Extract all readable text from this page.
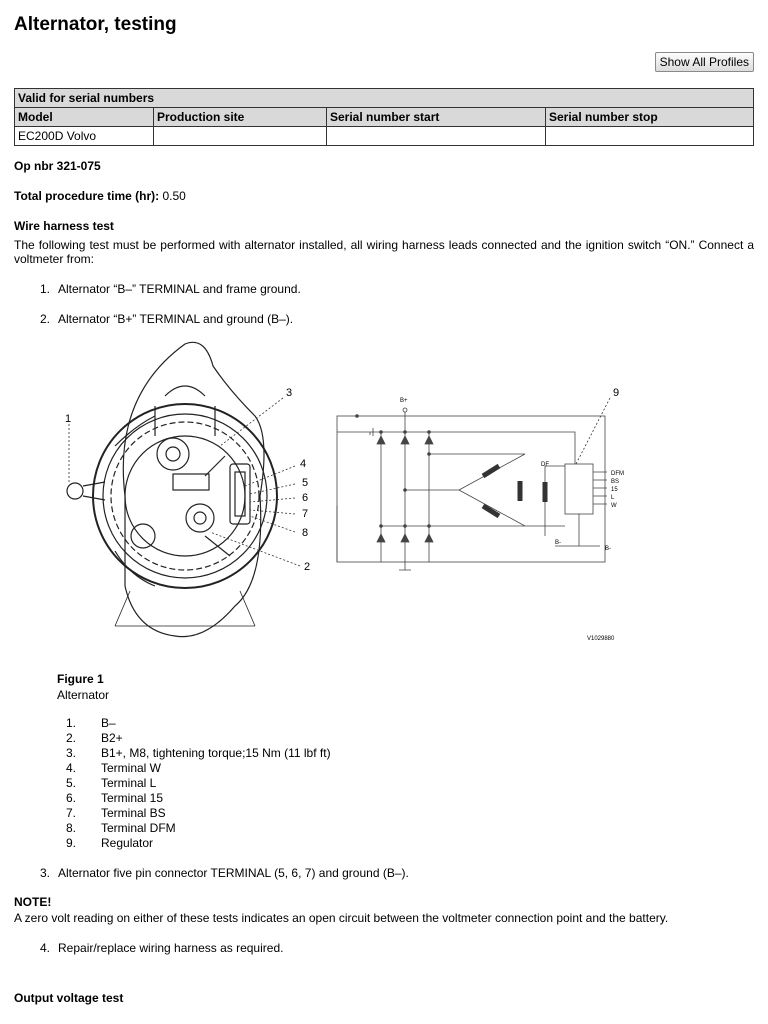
Alternator, testing
Show All Profiles
Valid for serial numbers			
Model	Production site	Serial number start	Serial number stop
EC200D Volvo			

Op nbr 321-075

Total procedure time (hr): 0.50

Wire harness test

The following test must be performed with alternator installed, all wiring harness leads connected and the ignition switch “ON.” Connect a voltmeter from:

1. Alternator “B–” TERMINAL and frame ground.
2. Alternator “B+” TERMINAL and ground (B–).
1
3
4
5
6
7
8
2
9
B+
DF
DFM
BS
15
L
W
B-
B-
V1029880

Figure 1

Alternator

1. B–
2. B2+
3. B1+, M8, tightening torque;15 Nm (11 lbf ft)
4. Terminal W
5. Terminal L
6. Terminal 15
7. Terminal BS
8. Terminal DFM
9. Regulator
3. Alternator five pin connector TERMINAL (5, 6, 7) and ground (B–).

NOTE!

A zero volt reading on either of these tests indicates an open circuit between the voltmeter connection point and the battery.

4. Repair/replace wiring harness as required.

Output voltage test
